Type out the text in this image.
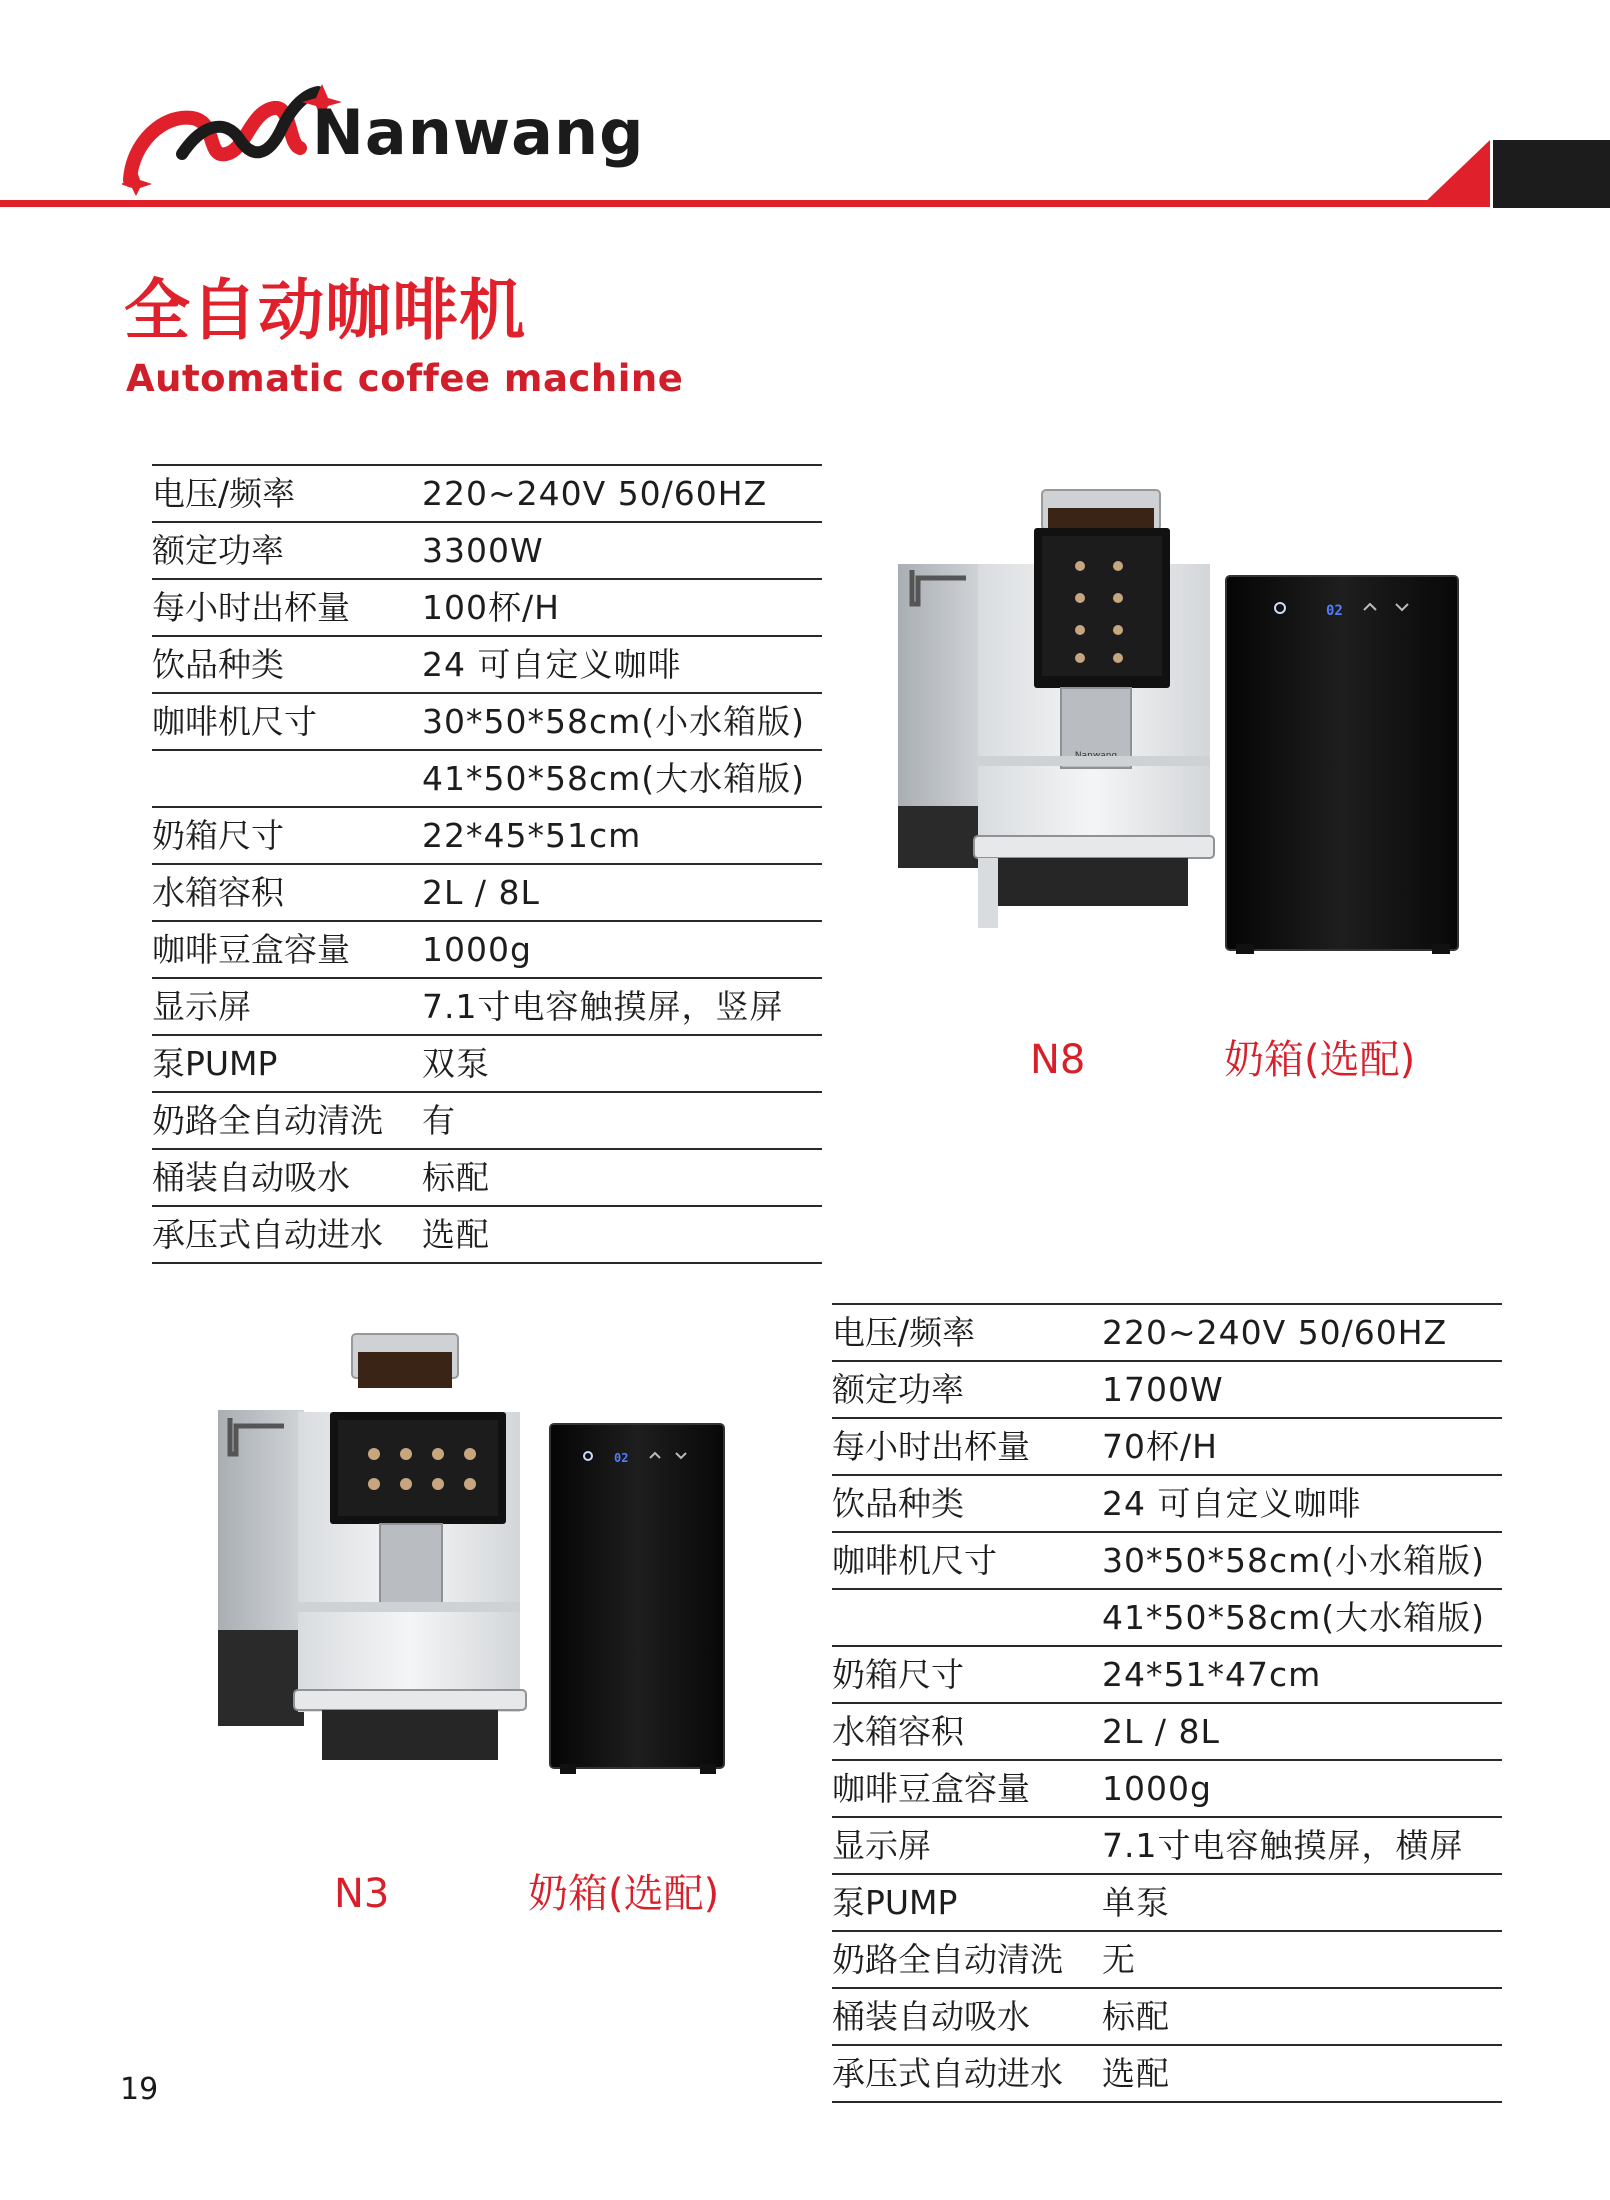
Nanwang
全自动咖啡机
Automatic coffee machine
电压/频率	220~240V 50/60HZ
额定功率	3300W
每小时出杯量 100杯/H
饮品种类	24 可自定义咖啡
咖啡机尺寸	30*50*58cm(小水箱版)
41*50*58cm(大水箱版)
奶箱尺寸	22*45*51cm
水箱容积	2L / 8L
咖啡豆盒容量 1000g
显示屏	7.1寸电容触摸屏，竖屏
泵PUMP	双泵
奶路全自动清洗 有
桶装自动吸水 标配
承压式自动进水 选配
02
N8	奶箱(选配)
02
N3	奶箱(选配)
电压/频率	220~240V 50/60HZ
额定功率	1700W
每小时出杯量 70杯/H
饮品种类	24 可自定义咖啡
咖啡机尺寸	30*50*58cm(小水箱版)
41*50*58cm(大水箱版)
奶箱尺寸	24*51*47cm
水箱容积	2L / 8L
咖啡豆盒容量 1000g
显示屏	7.1寸电容触摸屏，横屏
泵PUMP	单泵
奶路全自动清洗 无
桶装自动吸水 标配
承压式自动进水 选配
19
